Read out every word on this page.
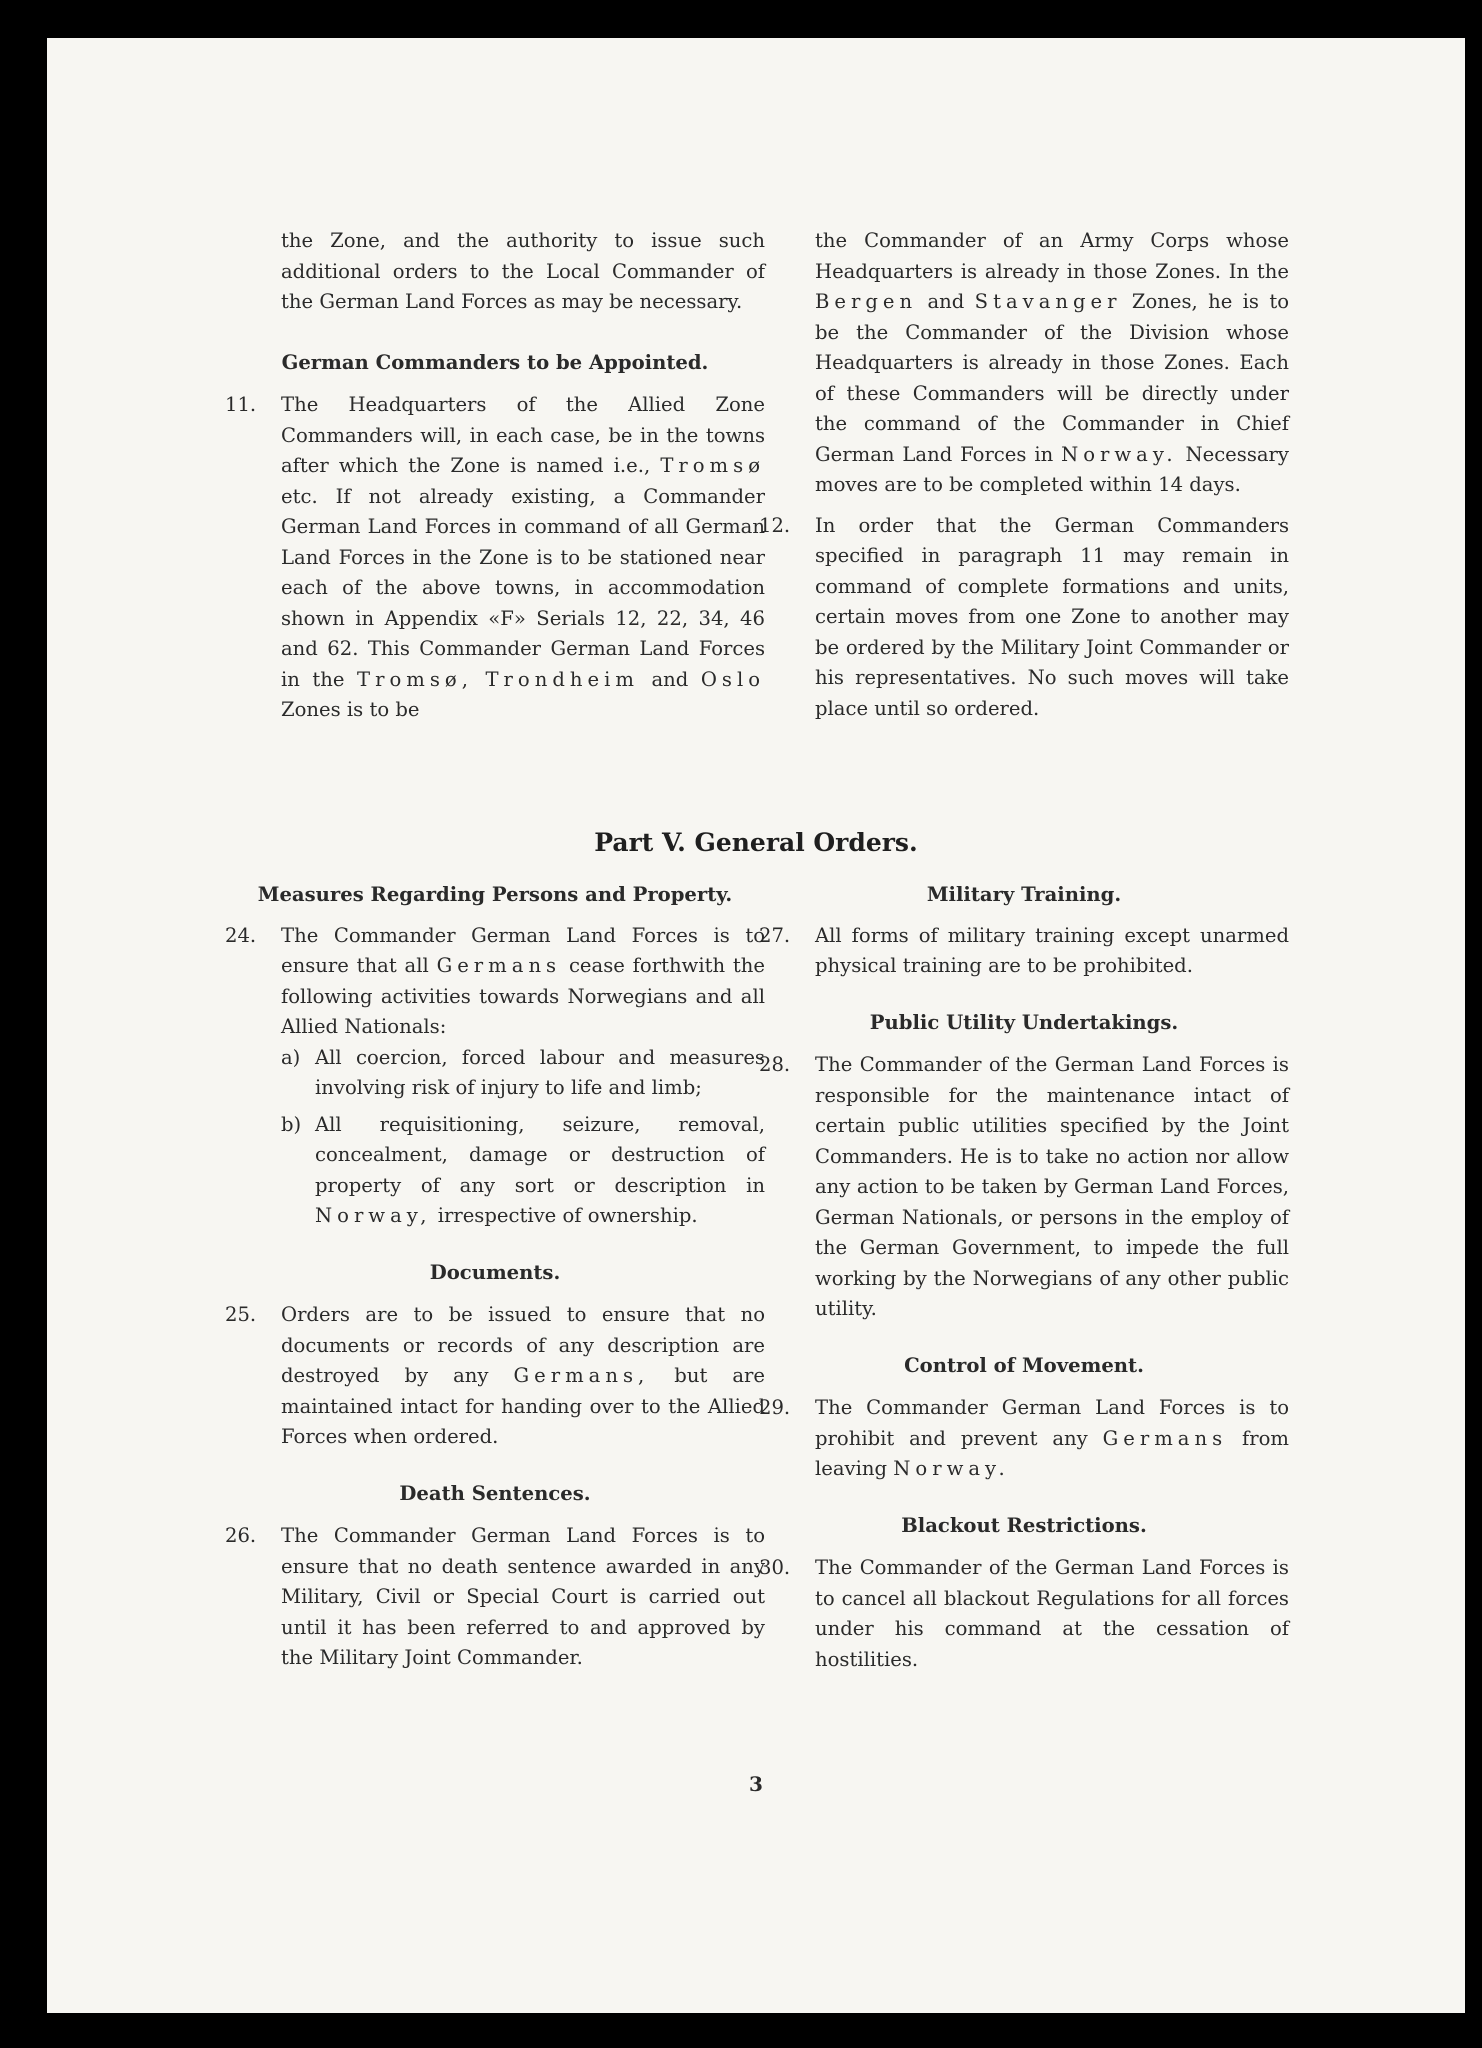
the Zone, and the authority to issue such additional orders to the Local Commander of the German Land Forces as may be necessary.
German Commanders to be Appointed.
11. The Headquarters of the Allied Zone Commanders will, in each case, be in the towns after which the Zone is named i.e., Tromsø etc. If not already existing, a Commander German Land Forces in command of all German Land Forces in the Zone is to be stationed near each of the above towns, in accommodation shown in Appendix «F» Serials 12, 22, 34, 46 and 62. This Commander German Land Forces in the Tromsø, Trondheim and Oslo Zones is to be
the Commander of an Army Corps whose Headquarters is already in those Zones. In the Bergen and Stavanger Zones, he is to be the Commander of the Division whose Headquarters is already in those Zones. Each of these Commanders will be directly under the command of the Commander in Chief German Land Forces in Norway. Necessary moves are to be completed within 14 days.
12. In order that the German Commanders specified in paragraph 11 may remain in command of complete formations and units, certain moves from one Zone to another may be ordered by the Military Joint Commander or his representatives. No such moves will take place until so ordered.
Part V. General Orders.
Measures Regarding Persons and Property.
24. The Commander German Land Forces is to ensure that all Germans cease forthwith the following activities towards Norwegians and all Allied Nationals:
a) All coercion, forced labour and measures involving risk of injury to life and limb;
b) All requisitioning, seizure, removal, concealment, damage or destruction of property of any sort or description in Norway, irrespective of ownership.
Documents.
25. Orders are to be issued to ensure that no documents or records of any description are destroyed by any Germans, but are maintained intact for handing over to the Allied Forces when ordered.
Death Sentences.
26. The Commander German Land Forces is to ensure that no death sentence awarded in any Military, Civil or Special Court is carried out until it has been referred to and approved by the Military Joint Commander.
Military Training.
27. All forms of military training except unarmed physical training are to be prohibited.
Public Utility Undertakings.
28. The Commander of the German Land Forces is responsible for the maintenance intact of certain public utilities specified by the Joint Commanders. He is to take no action nor allow any action to be taken by German Land Forces, German Nationals, or persons in the employ of the German Government, to impede the full working by the Norwegians of any other public utility.
Control of Movement.
29. The Commander German Land Forces is to prohibit and prevent any Germans from leaving Norway.
Blackout Restrictions.
30. The Commander of the German Land Forces is to cancel all blackout Regulations for all forces under his command at the cessation of hostilities.
3
